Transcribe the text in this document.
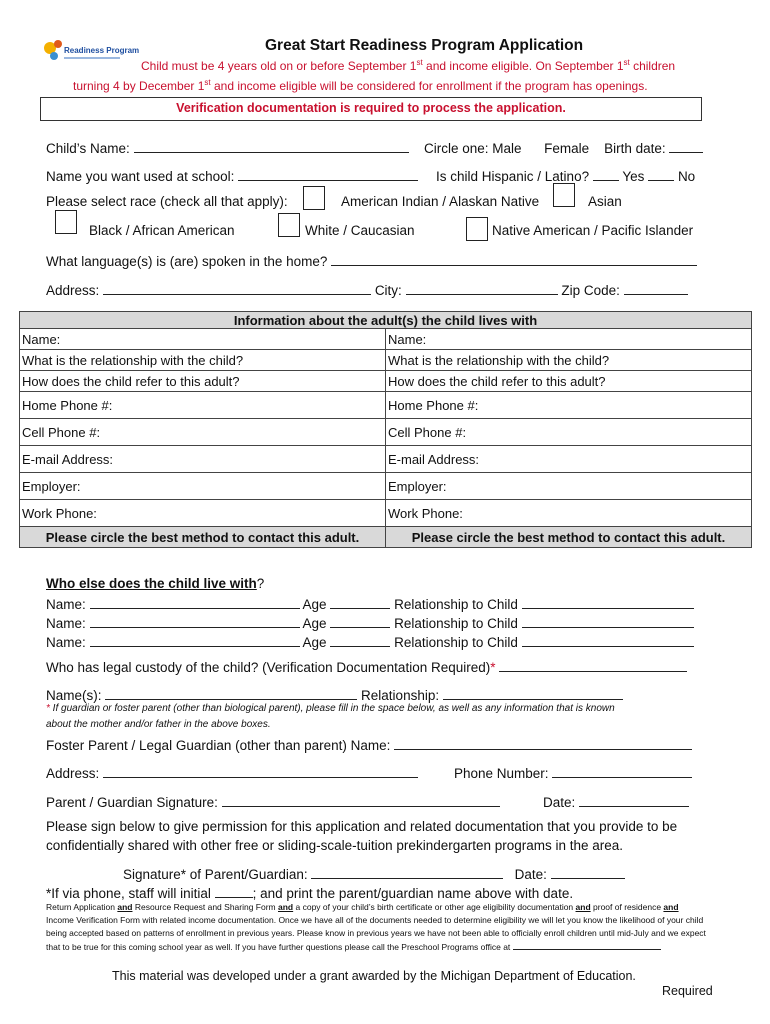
Readiness Program	Great Start Readiness Program Application
Child must be 4 years old on or before September 1st and income eligible. On September 1st children
turning 4 by December 1st and income eligible will be considered for enrollment if the program has openings.
Verification documentation is required to process the application.
Child’s Name:	Circle one: Male Female Birth date:
Name you want used at school:	Is child Hispanic / Latino? Yes No
Please select race (check all that apply):	American Indian / Alaskan Native	Asian
Black / African American	White / Caucasian	Native American / Pacific Islander
What language(s) is (are) spoken in the home?
Address:	City:	Zip Code:
Information about the adult(s) the child lives with	
Name:	Name:
What is the relationship with the child?	What is the relationship with the child?
How does the child refer to this adult?	How does the child refer to this adult?
Home Phone #:	Home Phone #:
Cell Phone #:	Cell Phone #:
E-mail Address:	E-mail Address:
Employer:	Employer:
Work Phone:	Work Phone:
Please circle the best method to contact this adult.	Please circle the best method to contact this adult.
Who else does the child live with?
Name:	Age	Relationship to Child
Name:	Age	Relationship to Child
Name:	Age	Relationship to Child
Who has legal custody of the child? (Verification Documentation Required)*
Name(s):	Relationship:
* If guardian or foster parent (other than biological parent), please fill in the space below, as well as any information that is known
about the mother and/or father in the above boxes.
Foster Parent / Legal Guardian (other than parent) Name:
Address:	Phone Number:
Parent / Guardian Signature:	Date:
Please sign below to give permission for this application and related documentation that you provide to be
confidentially shared with other free or sliding-scale-tuition prekindergarten programs in the area.
Signature* of Parent/Guardian:	Date:
*If via phone, staff will initial	; and print the parent/guardian name above with date.
Return Application and Resource Request and Sharing Form and a copy of your child’s birth certificate or other age eligibility documentation and proof of residence and Income Verification Form with related income documentation. Once we have all of the documents needed to determine eligibility we will let you know the likelihood of your child being accepted based on patterns of enrollment in previous years. Please know in previous years we have not been able to officially enroll children until mid-July and we expect that to be true for this coming school year as well. If you have further questions please call the Preschool Programs office at
This material was developed under a grant awarded by the Michigan Department of Education.
Required
